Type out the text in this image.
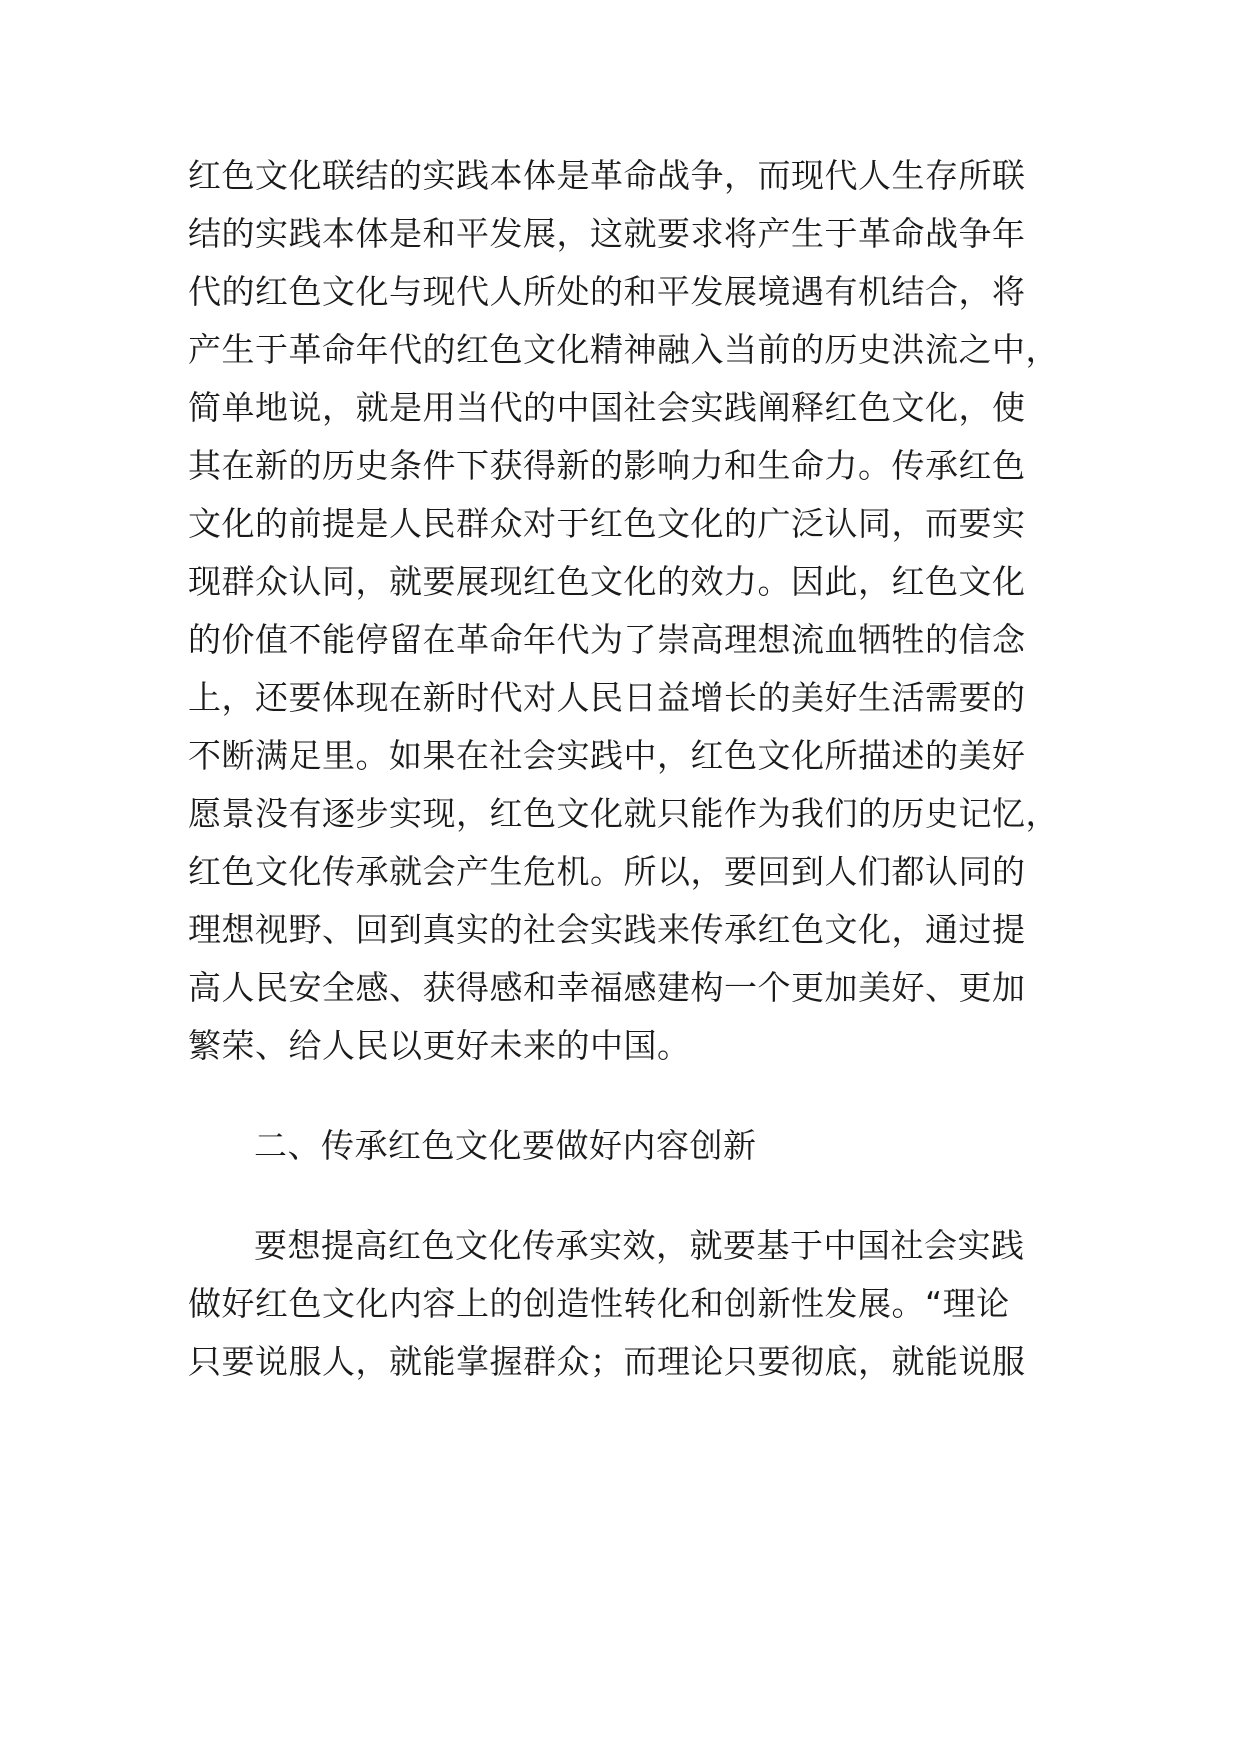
红色文化联结的实践本体是革命战争，而现代人生存所联

结的实践本体是和平发展，这就要求将产生于革命战争年

代的红色文化与现代人所处的和平发展境遇有机结合，将

产生于革命年代的红色文化精神融入当前的历史洪流之中，

简单地说，就是用当代的中国社会实践阐释红色文化，使

其在新的历史条件下获得新的影响力和生命力。传承红色

文化的前提是人民群众对于红色文化的广泛认同，而要实

现群众认同，就要展现红色文化的效力。因此，红色文化

的价值不能停留在革命年代为了崇高理想流血牺牲的信念

上，还要体现在新时代对人民日益增长的美好生活需要的

不断满足里。如果在社会实践中，红色文化所描述的美好

愿景没有逐步实现，红色文化就只能作为我们的历史记忆，

红色文化传承就会产生危机。所以，要回到人们都认同的

理想视野、回到真实的社会实践来传承红色文化，通过提

高人民安全感、获得感和幸福感建构一个更加美好、更加

繁荣、给人民以更好未来的中国。

二、传承红色文化要做好内容创新

要想提高红色文化传承实效，就要基于中国社会实践

做好红色文化内容上的创造性转化和创新性发展。“理论

只要说服人，就能掌握群众；而理论只要彻底，就能说服
